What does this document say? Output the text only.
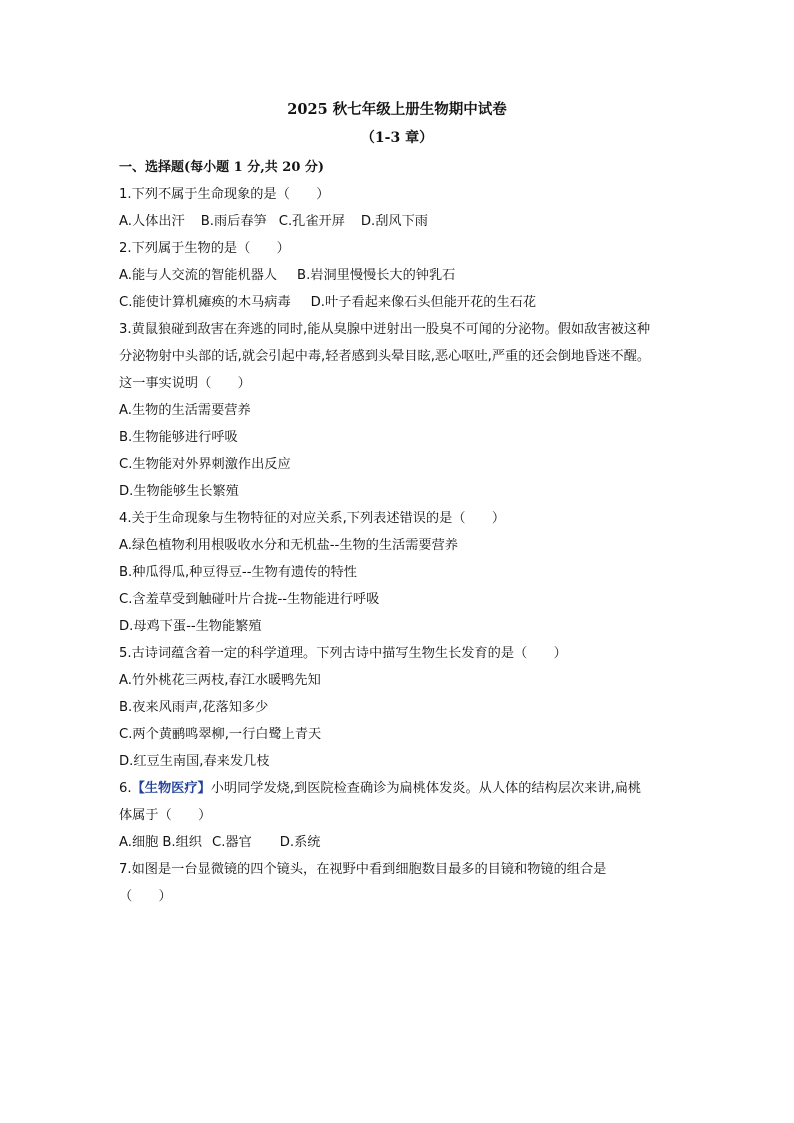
2025 秋七年级上册生物期中试卷
（1-3 章）
一、选择题(每小题 1 分,共 20 分)
1.下列不属于生命现象的是（　　）
A.人体出汗 B.雨后春笋 C.孔雀开屏 D.刮风下雨
2.下列属于生物的是（　　）
A.能与人交流的智能机器人 B.岩洞里慢慢长大的钟乳石
C.能使计算机瘫痪的木马病毒 D.叶子看起来像石头但能开花的生石花
3.黄鼠狼碰到敌害在奔逃的同时,能从臭腺中迸射出一股臭不可闻的分泌物。假如敌害被这种
分泌物射中头部的话,就会引起中毒,轻者感到头晕目眩,恶心呕吐,严重的还会倒地昏迷不醒。
这一事实说明（　　）
A.生物的生活需要营养
B.生物能够进行呼吸
C.生物能对外界刺激作出反应
D.生物能够生长繁殖
4.关于生命现象与生物特征的对应关系,下列表述错误的是（　　）
A.绿色植物利用根吸收水分和无机盐--生物的生活需要营养
B.种瓜得瓜,种豆得豆--生物有遗传的特性
C.含羞草受到触碰叶片合拢--生物能进行呼吸
D.母鸡下蛋--生物能繁殖
5.古诗词蕴含着一定的科学道理。下列古诗中描写生物生长发育的是（　　）
A.竹外桃花三两枝,春江水暖鸭先知
B.夜来风雨声,花落知多少
C.两个黄鹂鸣翠柳,一行白鹭上青天
D.红豆生南国,春来发几枝
6.【生物医疗】小明同学发烧,到医院检查确诊为扁桃体发炎。从人体的结构层次来讲,扁桃
体属于（　　）
A.细胞 B.组织 C.器官 D.系统
7.如图是一台显微镜的四个镜头，在视野中看到细胞数目最多的目镜和物镜的组合是
（　　）
